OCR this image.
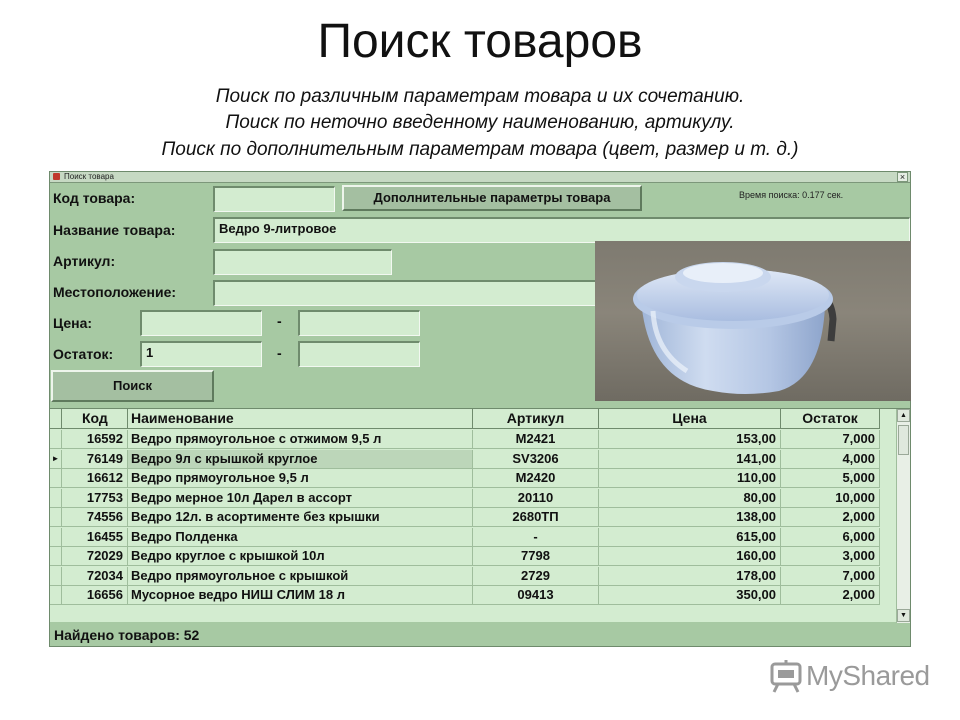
Поиск товаров
Поиск по различным параметрам товара и их сочетанию.
Поиск по неточно введенному наименованию, артикулу.
Поиск по дополнительным параметрам товара (цвет, размер и т. д.)
Поиск товара	×
Код товара:	Дополнительные параметры товара	Время поиска: 0.177 сек.
Название товара:	Ведро 9-литровое
Артикул:
Местоположение:
Цена:	-
Остаток:	1	-
Поиск
Код	Наименование	Артикул	Цена	Остаток
16592 Ведро прямоугольное с отжимом 9,5 л	M2421	153,00	7,000
►	76149 Ведро 9л с крышкой круглое	SV3206	141,00	4,000
16612 Ведро прямоугольное 9,5 л	M2420	110,00	5,000
17753 Ведро мерное 10л Дарел в ассорт	20110	80,00	10,000
74556 Ведро 12л. в асортименте без крышки	2680ТП	138,00	2,000
16455 Ведро Полденка	-	615,00	6,000
72029 Ведро круглое с крышкой 10л	7798	160,00	3,000
72034 Ведро прямоугольное с крышкой	2729	178,00	7,000
16656 Мусорное ведро НИШ СЛИМ 18 л	09413	350,00	2,000
▲
▼
Найдено товаров: 52
MyShared
